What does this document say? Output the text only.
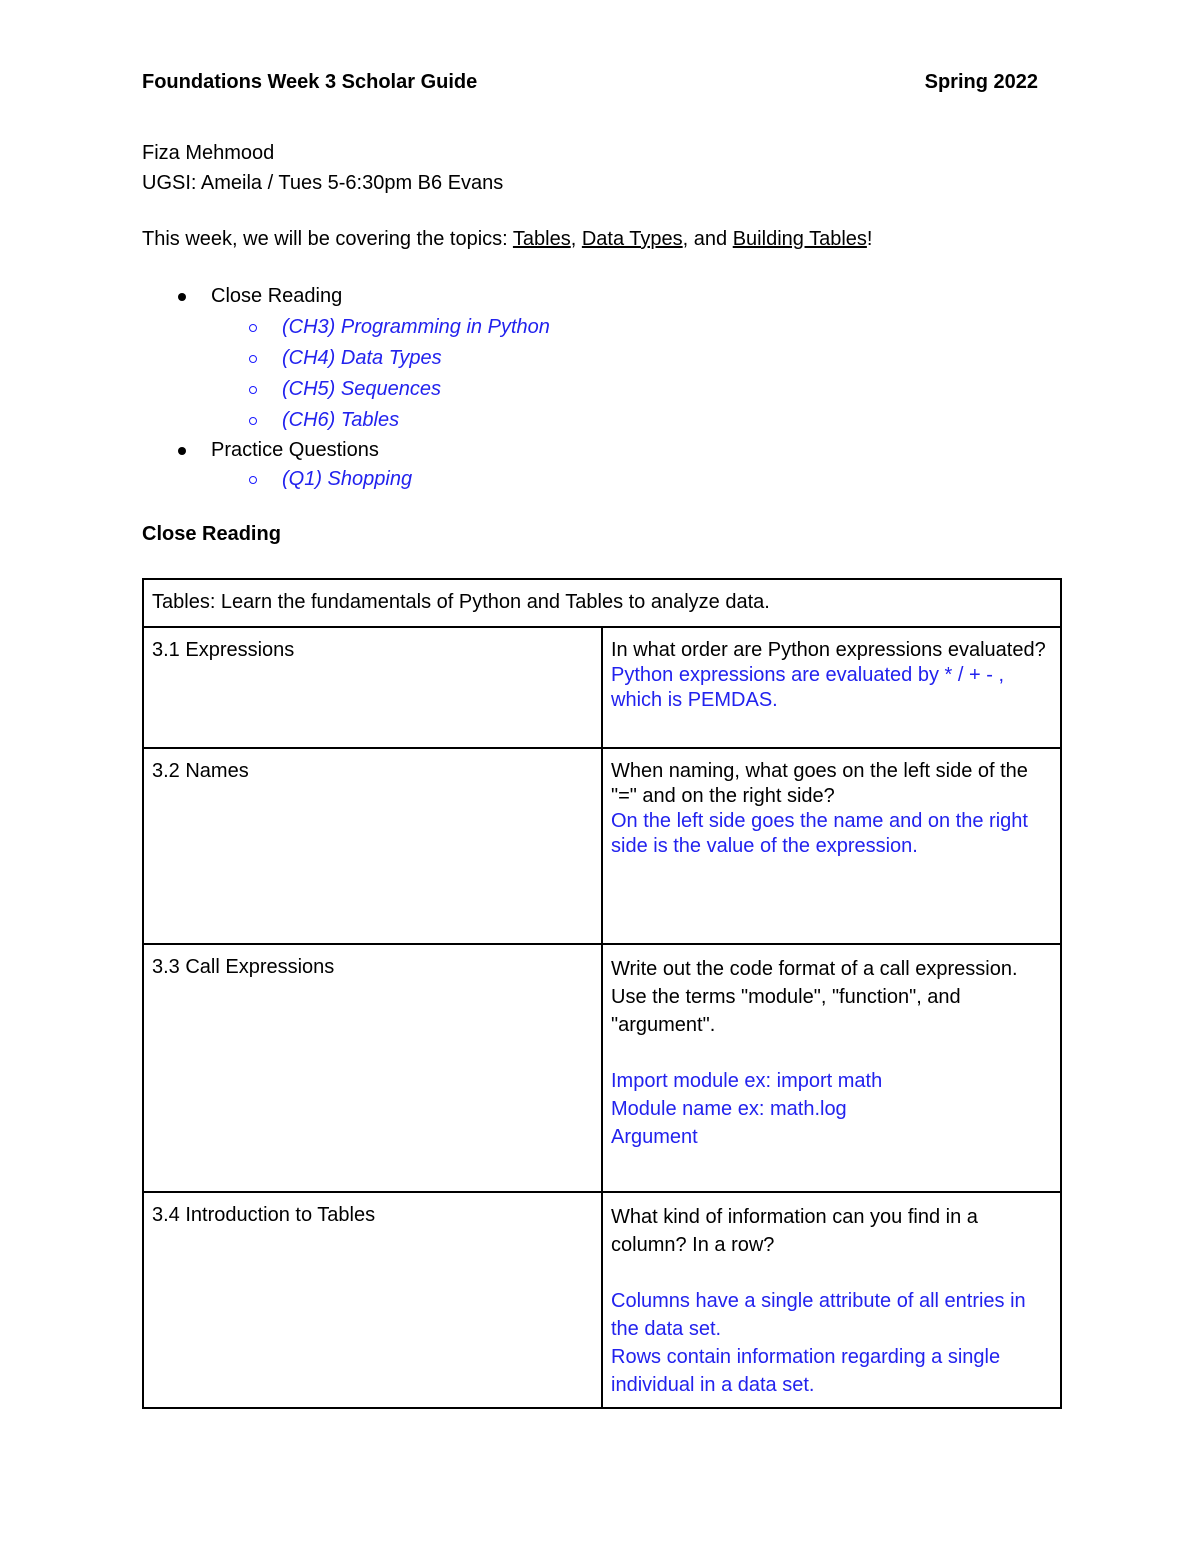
Foundations Week 3 Scholar Guide	Spring 2022
Fiza Mehmood
UGSI: Ameila / Tues 5-6:30pm B6 Evans
This week, we will be covering the topics: Tables, Data Types, and Building Tables!
Close Reading
(CH3) Programming in Python
(CH4) Data Types
(CH5) Sequences
(CH6) Tables
Practice Questions
(Q1) Shopping
Close Reading
Tables: Learn the fundamentals of Python and Tables to analyze data.	
3.1 Expressions	In what order are Python expressions evaluated?

Python expressions are evaluated by * / + - , which is PEMDAS.

3.2 Names	When naming, what goes on the left side of the "=" and on the right side?

On the left side goes the name and on the right side is the value of the expression.

3.3 Call Expressions	Write out the code format of a call expression. Use the terms "module", "function", and "argument".

Import module ex: import math

Module name ex: math.log

Argument

3.4 Introduction to Tables	What kind of information can you find in a column? In a row?

Columns have a single attribute of all entries in the data set.

Rows contain information regarding a single individual in a data set.
